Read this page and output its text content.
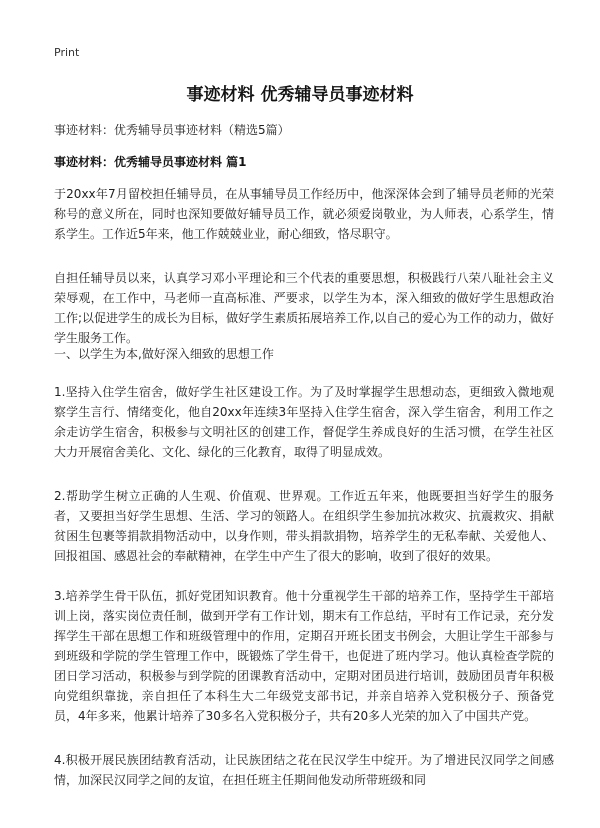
Print
事迹材料 优秀辅导员事迹材料

事迹材料：优秀辅导员事迹材料（精选5篇）

事迹材料：优秀辅导员事迹材料 篇1

于20xx年7月留校担任辅导员，在从事辅导员工作经历中，他深深体会到了辅导员老师的光荣称号的意义所在，同时也深知要做好辅导员工作，就必须爱岗敬业，为人师表，心系学生，情系学生。工作近5年来，他工作兢兢业业，耐心细致，恪尽职守。

自担任辅导员以来，认真学习邓小平理论和三个代表的重要思想，积极践行八荣八耻社会主义荣辱观，在工作中，马老师一直高标准、严要求，以学生为本，深入细致的做好学生思想政治工作;以促进学生的成长为目标，做好学生素质拓展培养工作,以自己的爱心为工作的动力，做好学生服务工作。

一、以学生为本,做好深入细致的思想工作

1.坚持入住学生宿舍，做好学生社区建设工作。为了及时掌握学生思想动态，更细致入微地观察学生言行、情绪变化，他自20xx年连续3年坚持入住学生宿舍，深入学生宿舍，利用工作之余走访学生宿舍，积极参与文明社区的创建工作，督促学生养成良好的生活习惯，在学生社区大力开展宿舍美化、文化、绿化的三化教育，取得了明显成效。

2.帮助学生树立正确的人生观、价值观、世界观。工作近五年来，他既要担当好学生的服务者，又要担当好学生思想、生活、学习的领路人。在组织学生参加抗冰救灾、抗震救灾、捐献贫困生包裹等捐款捐物活动中，以身作则，带头捐款捐物，培养学生的无私奉献、关爱他人、回报祖国、感恩社会的奉献精神，在学生中产生了很大的影响，收到了很好的效果。

3.培养学生骨干队伍，抓好党团知识教育。他十分重视学生干部的培养工作，坚持学生干部培训上岗，落实岗位责任制，做到开学有工作计划，期末有工作总结，平时有工作记录，充分发挥学生干部在思想工作和班级管理中的作用，定期召开班长团支书例会，大胆让学生干部参与到班级和学院的学生管理工作中，既锻炼了学生骨干，也促进了班内学习。他认真检查学院的团日学习活动，积极参与到学院的团课教育活动中，定期对团员进行培训，鼓励团员青年积极向党组织靠拢，亲自担任了本科生大二年级党支部书记，并亲自培养入党积极分子、预备党员，4年多来，他累计培养了30多名入党积极分子，共有20多人光荣的加入了中国共产党。

4.积极开展民族团结教育活动，让民族团结之花在民汉学生中绽开。为了增进民汉同学之间感情，加深民汉同学之间的友谊，在担任班主任期间他发动所带班级和同
